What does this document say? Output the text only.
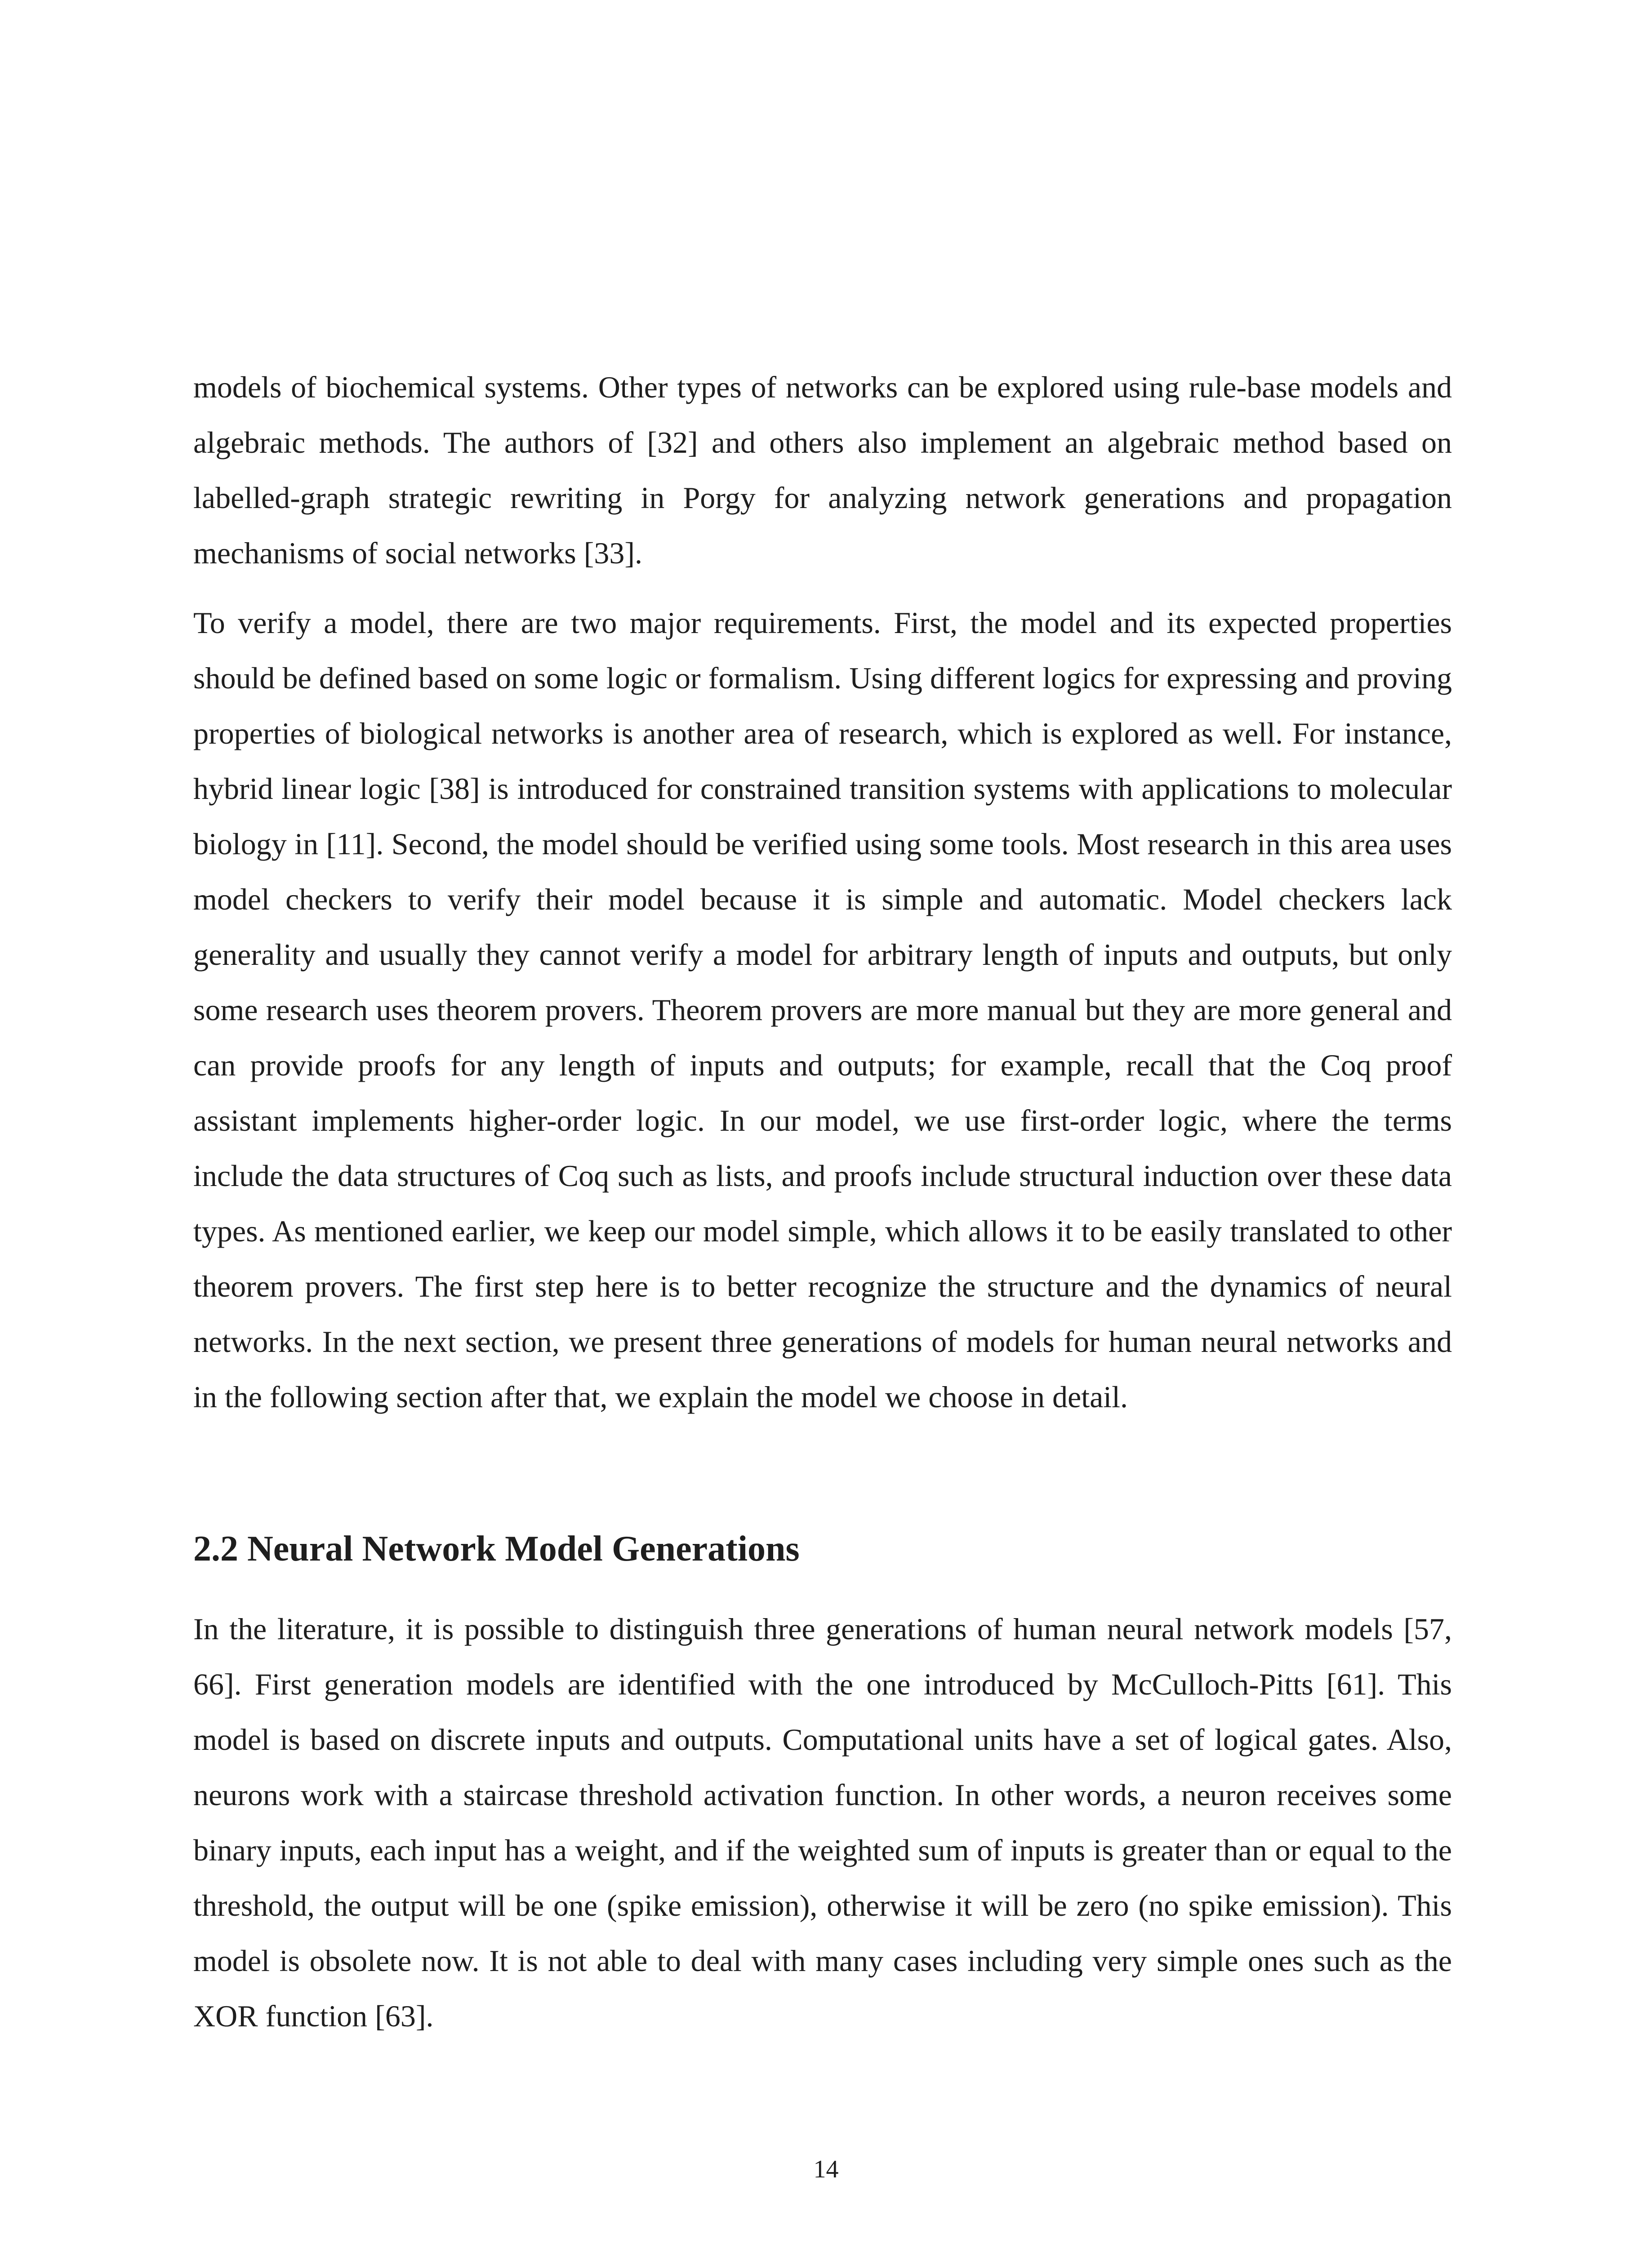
models of biochemical systems. Other types of networks can be explored using rule-base models and algebraic methods. The authors of [32] and others also implement an algebraic method based on labelled-graph strategic rewriting in Porgy for analyzing network generations and propagation mechanisms of social networks [33].

To verify a model, there are two major requirements. First, the model and its expected properties should be defined based on some logic or formalism. Using different logics for expressing and proving properties of biological networks is another area of research, which is explored as well. For instance, hybrid linear logic [38] is introduced for constrained transition systems with applications to molecular biology in [11]. Second, the model should be verified using some tools. Most research in this area uses model checkers to verify their model because it is simple and automatic. Model checkers lack generality and usually they cannot verify a model for arbitrary length of inputs and outputs, but only some research uses theorem provers. Theorem provers are more manual but they are more general and can provide proofs for any length of inputs and outputs; for example, recall that the Coq proof assistant implements higher-order logic. In our model, we use first-order logic, where the terms include the data structures of Coq such as lists, and proofs include structural induction over these data types. As mentioned earlier, we keep our model simple, which allows it to be easily translated to other theorem provers. The first step here is to better recognize the structure and the dynamics of neural networks. In the next section, we present three generations of models for human neural networks and in the following section after that, we explain the model we choose in detail.

2.2 Neural Network Model Generations

In the literature, it is possible to distinguish three generations of human neural network models [57, 66]. First generation models are identified with the one introduced by McCulloch-Pitts [61]. This model is based on discrete inputs and outputs. Computational units have a set of logical gates. Also, neurons work with a staircase threshold activation function. In other words, a neuron receives some binary inputs, each input has a weight, and if the weighted sum of inputs is greater than or equal to the threshold, the output will be one (spike emission), otherwise it will be zero (no spike emission). This model is obsolete now. It is not able to deal with many cases including very simple ones such as the XOR function [63].

14
